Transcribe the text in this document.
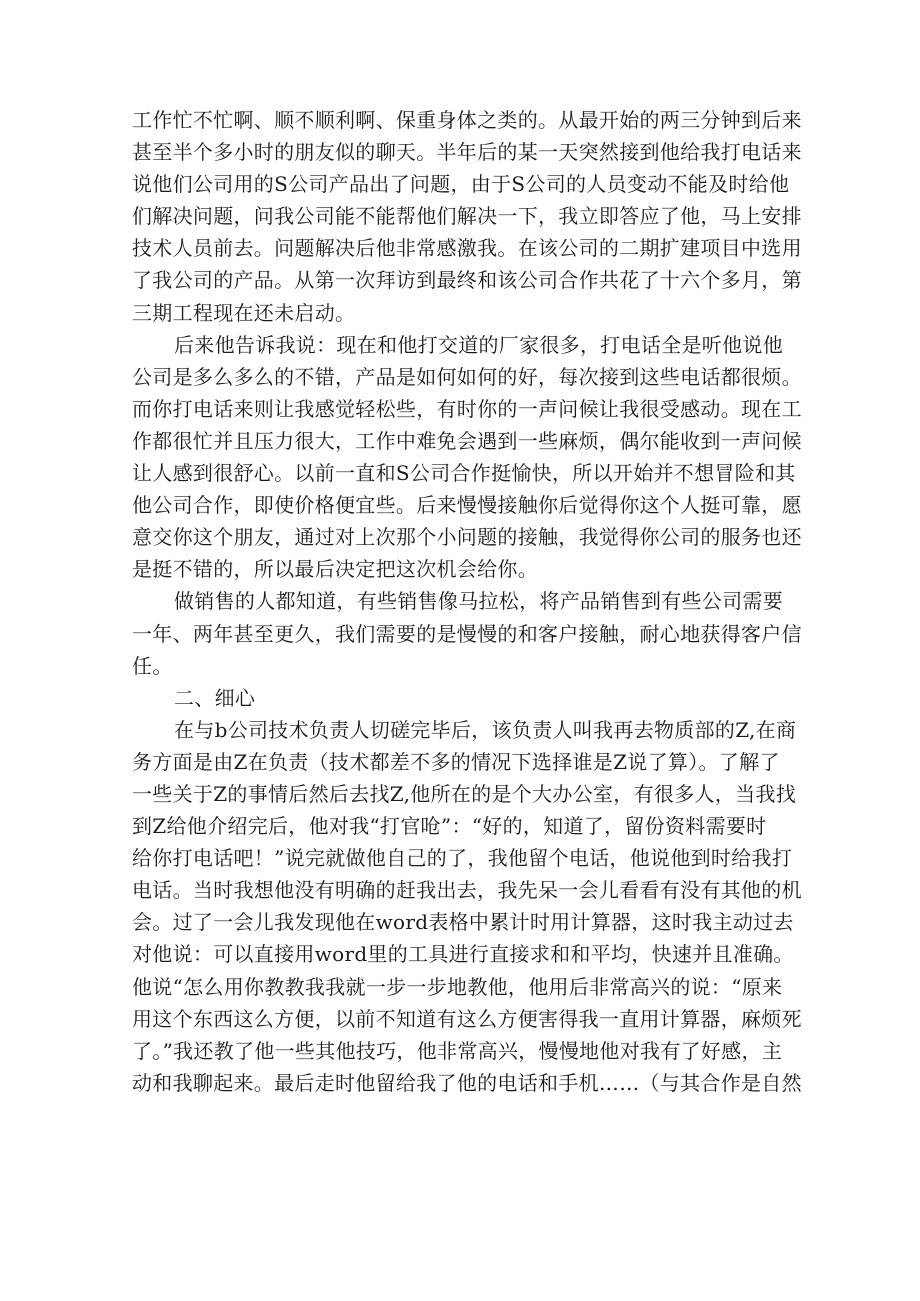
工作忙不忙啊、顺不顺利啊、保重身体之类的。从最开始的两三分钟到后来
甚至半个多小时的朋友似的聊天。半年后的某一天突然接到他给我打电话来
说他们公司用的S公司产品出了问题，由于S公司的人员变动不能及时给他
们解决问题，问我公司能不能帮他们解决一下，我立即答应了他，马上安排
技术人员前去。问题解决后他非常感激我。在该公司的二期扩建项目中选用
了我公司的产品。从第一次拜访到最终和该公司合作共花了十六个多月，第
三期工程现在还未启动。
后来他告诉我说：现在和他打交道的厂家很多，打电话全是听他说他
公司是多么多么的不错，产品是如何如何的好，每次接到这些电话都很烦。
而你打电话来则让我感觉轻松些，有时你的一声问候让我很受感动。现在工
作都很忙并且压力很大，工作中难免会遇到一些麻烦，偶尔能收到一声问候
让人感到很舒心。以前一直和S公司合作挺愉快，所以开始并不想冒险和其
他公司合作，即使价格便宜些。后来慢慢接触你后觉得你这个人挺可靠，愿
意交你这个朋友，通过对上次那个小问题的接触，我觉得你公司的服务也还
是挺不错的，所以最后决定把这次机会给你。
做销售的人都知道，有些销售像马拉松，将产品销售到有些公司需要
一年、两年甚至更久，我们需要的是慢慢的和客户接触，耐心地获得客户信
任。
二、细心
在与b公司技术负责人切磋完毕后，该负责人叫我再去物质部的Z,在商
务方面是由Z在负责（技术都差不多的情况下选择谁是Z说了算）。了解了
一些关于Z的事情后然后去找Z,他所在的是个大办公室，有很多人，当我找
到Z给他介绍完后，他对我“打官呛”：“好的，知道了，留份资料需要时
给你打电话吧！”说完就做他自己的了，我他留个电话，他说他到时给我打
电话。当时我想他没有明确的赶我出去，我先呆一会儿看看有没有其他的机
会。过了一会儿我发现他在word表格中累计时用计算器，这时我主动过去
对他说：可以直接用word里的工具进行直接求和和平均，快速并且准确。
他说“怎么用你教教我我就一步一步地教他，他用后非常高兴的说：“原来
用这个东西这么方便，以前不知道有这么方便害得我一直用计算器，麻烦死
了。”我还教了他一些其他技巧，他非常高兴，慢慢地他对我有了好感，主
动和我聊起来。最后走时他留给我了他的电话和手机……（与其合作是自然
